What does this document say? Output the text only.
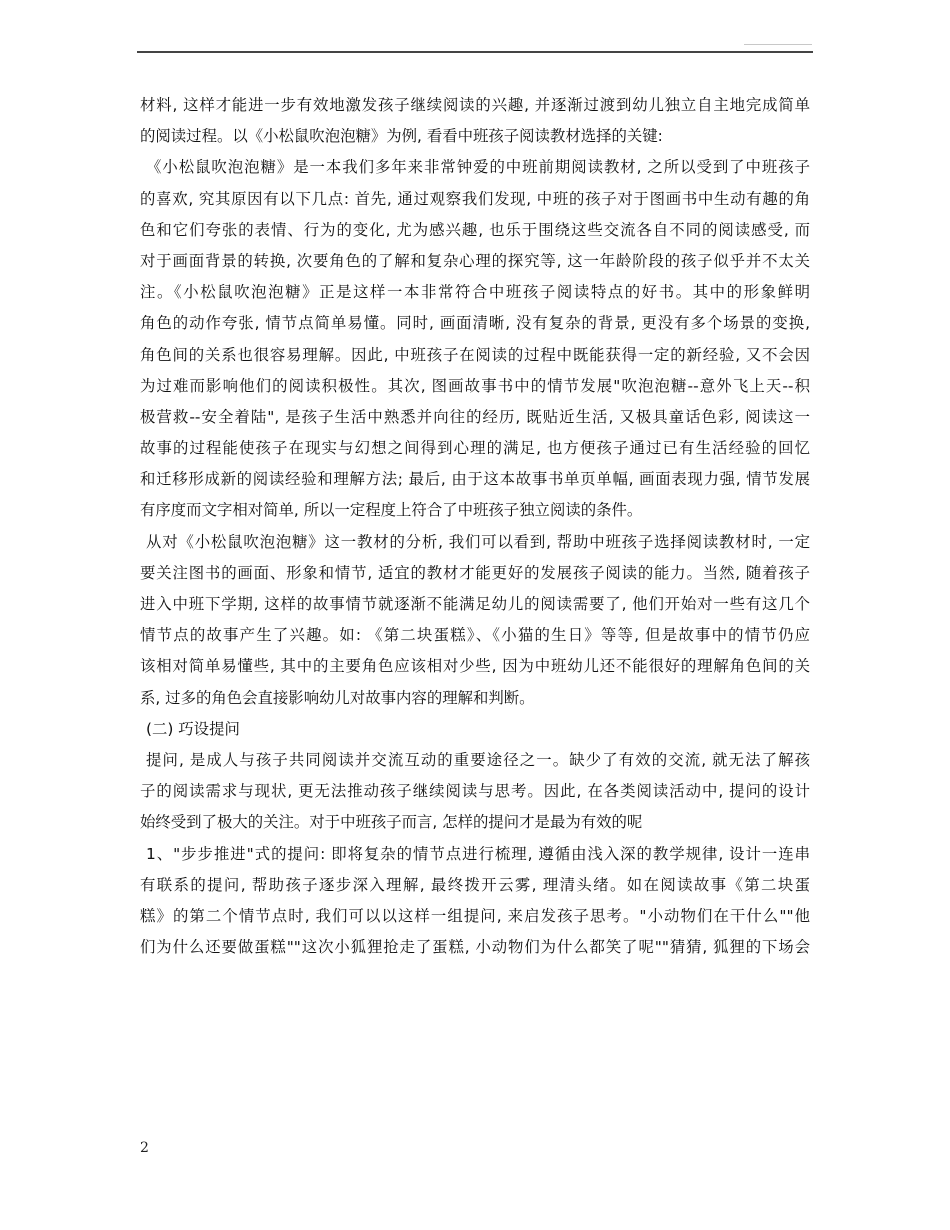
材料, 这样才能进一步有效地激发孩子继续阅读的兴趣, 并逐渐过渡到幼儿独立自主地完成简单
的阅读过程。以《小松鼠吹泡泡糖》为例, 看看中班孩子阅读教材选择的关键:
《小松鼠吹泡泡糖》是一本我们多年来非常钟爱的中班前期阅读教材, 之所以受到了中班孩子
的喜欢, 究其原因有以下几点: 首先, 通过观察我们发现, 中班的孩子对于图画书中生动有趣的角
色和它们夸张的表情、行为的变化, 尤为感兴趣, 也乐于围绕这些交流各自不同的阅读感受, 而
对于画面背景的转换, 次要角色的了解和复杂心理的探究等, 这一年龄阶段的孩子似乎并不太关
注。《小松鼠吹泡泡糖》正是这样一本非常符合中班孩子阅读特点的好书。其中的形象鲜明
角色的动作夸张, 情节点简单易懂。同时, 画面清晰, 没有复杂的背景, 更没有多个场景的变换,
角色间的关系也很容易理解。因此, 中班孩子在阅读的过程中既能获得一定的新经验, 又不会因
为过难而影响他们的阅读积极性。其次, 图画故事书中的情节发展"吹泡泡糖--意外飞上天--积
极营救--安全着陆", 是孩子生活中熟悉并向往的经历, 既贴近生活, 又极具童话色彩, 阅读这一
故事的过程能使孩子在现实与幻想之间得到心理的满足, 也方便孩子通过已有生活经验的回忆
和迁移形成新的阅读经验和理解方法; 最后, 由于这本故事书单页单幅, 画面表现力强, 情节发展
有序度而文字相对简单, 所以一定程度上符合了中班孩子独立阅读的条件。
从对《小松鼠吹泡泡糖》这一教材的分析, 我们可以看到, 帮助中班孩子选择阅读教材时, 一定
要关注图书的画面、形象和情节, 适宜的教材才能更好的发展孩子阅读的能力。当然, 随着孩子
进入中班下学期, 这样的故事情节就逐渐不能满足幼儿的阅读需要了, 他们开始对一些有这几个
情节点的故事产生了兴趣。如: 《第二块蛋糕》、《小猫的生日》等等, 但是故事中的情节仍应
该相对简单易懂些, 其中的主要角色应该相对少些, 因为中班幼儿还不能很好的理解角色间的关
系, 过多的角色会直接影响幼儿对故事内容的理解和判断。
(二) 巧设提问
提问, 是成人与孩子共同阅读并交流互动的重要途径之一。缺少了有效的交流, 就无法了解孩
子的阅读需求与现状, 更无法推动孩子继续阅读与思考。因此, 在各类阅读活动中, 提问的设计
始终受到了极大的关注。对于中班孩子而言, 怎样的提问才是最为有效的呢
1、"步步推进"式的提问: 即将复杂的情节点进行梳理, 遵循由浅入深的教学规律, 设计一连串
有联系的提问, 帮助孩子逐步深入理解, 最终拨开云雾, 理清头绪。如在阅读故事《第二块蛋
糕》的第二个情节点时, 我们可以以这样一组提问, 来启发孩子思考。"小动物们在干什么""他
们为什么还要做蛋糕""这次小狐狸抢走了蛋糕, 小动物们为什么都笑了呢""猜猜, 狐狸的下场会
2
